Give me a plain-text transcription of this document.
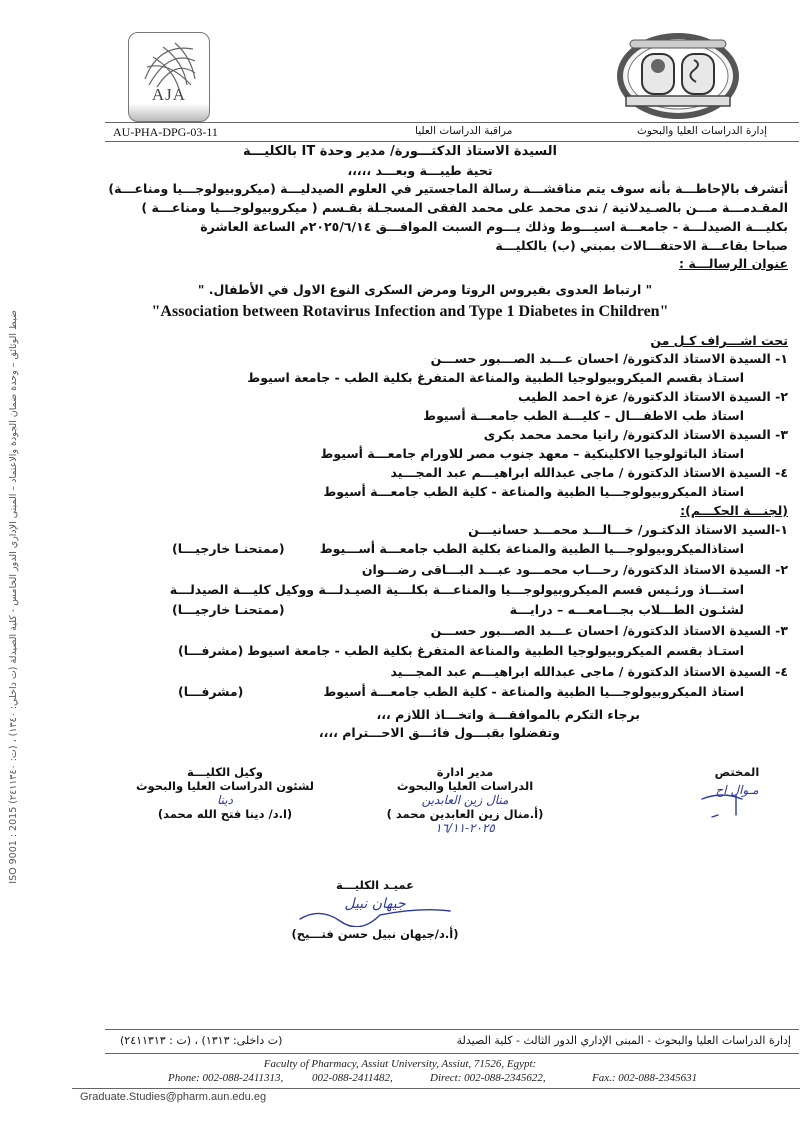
AJA
AU-PHA-DPG-03-11	مراقبة الدراسات العليا	إدارة الدراسات العليا والبحوث
السيدة الاستاذ الدكتـــورة/ مدير وحدة IT بالكليـــة
تحية طيبـــة وبعـــد ،،،،،
أتشرف بالإحاطـــة بأنه سوف يتم مناقشـــة رسالة الماجستير في العلوم الصيدليـــة (ميكروبيولوجـــيا ومناعـــة)
المقـدمـــة مـــن بالصـيدلانية / ندى محمد على محمد الفقى المسجـلة بقـسم ( ميكروبيولوجـــيا ومناعـــة )
بكليـــة الصيدلـــة - جامعـــة اسيـــوط وذلك يـــوم السبت الموافـــق ٢٠٢٥/٦/١٤م الساعة العاشرة
صباحا بقاعـــة الاحتفـــالات بمبني (ب) بالكليـــة
عنوان الرسالـــة :
" ارتباط العدوى بفيروس الروتا ومرض السكرى النوع الاول في الأطفال. "
"Association between Rotavirus Infection and Type 1 Diabetes in Children"
تحت اشـــراف كـل من
١- السيدة الاستاذ الدكتورة/ احسان عـــبد الصـــبور حســـن
استـاذ بقسم الميكروبيولوجيا الطبية والمناعة المتفرغ بكلية الطب - جامعة اسيوط
٢- السيدة الاستاذ الدكتورة/ عزة احمد الطيب
استاذ طب الاطفـــال – كليـــة الطب جامعـــة أسيوط
٣- السيدة الاستاذ الدكتورة/ رانيا محمد محمد بكرى
استاذ الباثولوجيا الاكلينكية – معهد جنوب مصر للاورام جامعـــة أسيوط
٤- السيدة الاستاذ الدكتورة / ماجى عبدالله ابراهيـــم عبد المجـــيد
استاذ الميكروبيولوجـــيا الطبية والمناعة - كلية الطب جامعـــة أسيوط
(لجنـــة الحكـــم):
١-السيد الاستاذ الدكتـور/ خـــالـــد محمـــد حسانيـــن
استاذالميكروبيولوجـــيا الطبية والمناعة بكلية الطب جامعـــة أســـيوط
(ممتحنـا خارجيـــا)
٢- السيدة الاستاذ الدكتورة/ رحـــاب محمـــود عبـــد البـــاقى رضـــوان
استـــاذ ورئـيس قسم الميكروبيولوجـــيا والمناعـــة بكلـــية الصيـدلـــة ووكيل كليـــة الصيدلـــة
لشئـون الطـــلاب بجـــامعـــه – درايـــة
(ممتحنـا خارجيـــا)
٣- السيدة الاستاذ الدكتورة/ احسان عـــبد الصـــبور حســـن
استـاذ بقسم الميكروبيولوجيا الطبية والمناعة المتفرغ بكلية الطب - جامعة اسيوط
(مشرفـــا)
٤- السيدة الاستاذ الدكتورة / ماجى عبدالله ابراهيـــم عبد المجـــيد
استاذ الميكروبيولوجـــيا الطبية والمناعة - كلية الطب جامعـــة أسيوط
(مشرفـــا)
برجاء التكرم بالموافقـــة واتخـــاذ اللازم ،،،
وتفضلوا بقبـــول فائـــق الاحـــترام ،،،،
المختص
مـوال اح
مدير ادارة
الدراسات العليا والبحوث
منال زين العابدين
(أ.منال زين العابدين محمد )
٢٠٢٥-١٦/١١
وكيل الكليـــة
لشئون الدراسات العليا والبحوث
دينا
(ا.د/ دينا فتح الله محمد)
عميـد الكليـــة
جيهان نبيل
(أ.د/جيهان نبيل حسن فتـــيح)
ضبط الوثائق – وحدة ضمان الجودة والاعتماد – المبنى الإداري الدور الخامس - كلية الصيدلة (ت داخلي: ١٣٤٠) ، (ت: ٢٤١١٣٤٠) ISO 9001 : 2015
إدارة الدراسات العليا والبحوث - المبنى الإداري الدور الثالث - كلية الصيدلة
(ت داخلى: ١٣١٣) ، (ت : ٢٤١١٣١٣)
Faculty of Pharmacy, Assiut University, Assiut, 71526, Egypt:
Phone: 002-088-2411313,	002-088-2411482,	Direct: 002-088-2345622,	Fax.: 002-088-2345631
Graduate.Studies@pharm.aun.edu.eg
